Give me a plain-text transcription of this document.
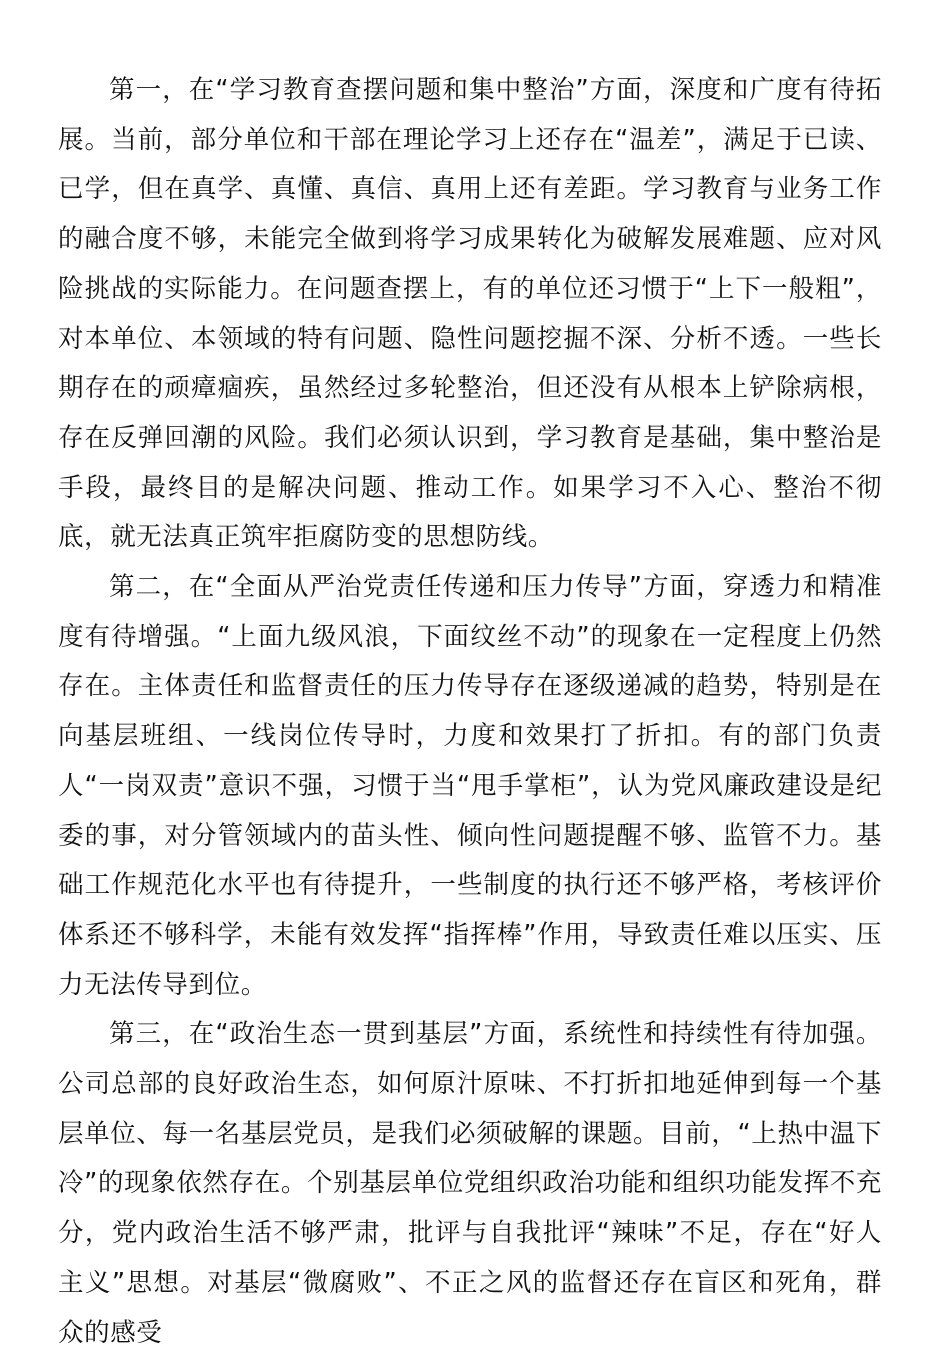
第一，在“学习教育查摆问题和集中整治”方面，深度和广度有待拓展。当前，部分单位和干部在理论学习上还存在“温差”，满足于已读、已学，但在真学、真懂、真信、真用上还有差距。学习教育与业务工作的融合度不够，未能完全做到将学习成果转化为破解发展难题、应对风险挑战的实际能力。在问题查摆上，有的单位还习惯于“上下一般粗”，对本单位、本领域的特有问题、隐性问题挖掘不深、分析不透。一些长期存在的顽瘴痼疾，虽然经过多轮整治，但还没有从根本上铲除病根，存在反弹回潮的风险。我们必须认识到，学习教育是基础，集中整治是手段，最终目的是解决问题、推动工作。如果学习不入心、整治不彻底，就无法真正筑牢拒腐防变的思想防线。

第二，在“全面从严治党责任传递和压力传导”方面，穿透力和精准度有待增强。“上面九级风浪，下面纹丝不动”的现象在一定程度上仍然存在。主体责任和监督责任的压力传导存在逐级递减的趋势，特别是在向基层班组、一线岗位传导时，力度和效果打了折扣。有的部门负责人“一岗双责”意识不强，习惯于当“甩手掌柜”，认为党风廉政建设是纪委的事，对分管领域内的苗头性、倾向性问题提醒不够、监管不力。基础工作规范化水平也有待提升，一些制度的执行还不够严格，考核评价体系还不够科学，未能有效发挥“指挥棒”作用，导致责任难以压实、压力无法传导到位。

第三，在“政治生态一贯到基层”方面，系统性和持续性有待加强。公司总部的良好政治生态，如何原汁原味、不打折扣地延伸到每一个基层单位、每一名基层党员，是我们必须破解的课题。目前，“上热中温下冷”的现象依然存在。个别基层单位党组织政治功能和组织功能发挥不充分，党内政治生活不够严肃，批评与自我批评“辣味”不足，存在“好人主义”思想。对基层“微腐败”、不正之风的监督还存在盲区和死角，群众的感受
